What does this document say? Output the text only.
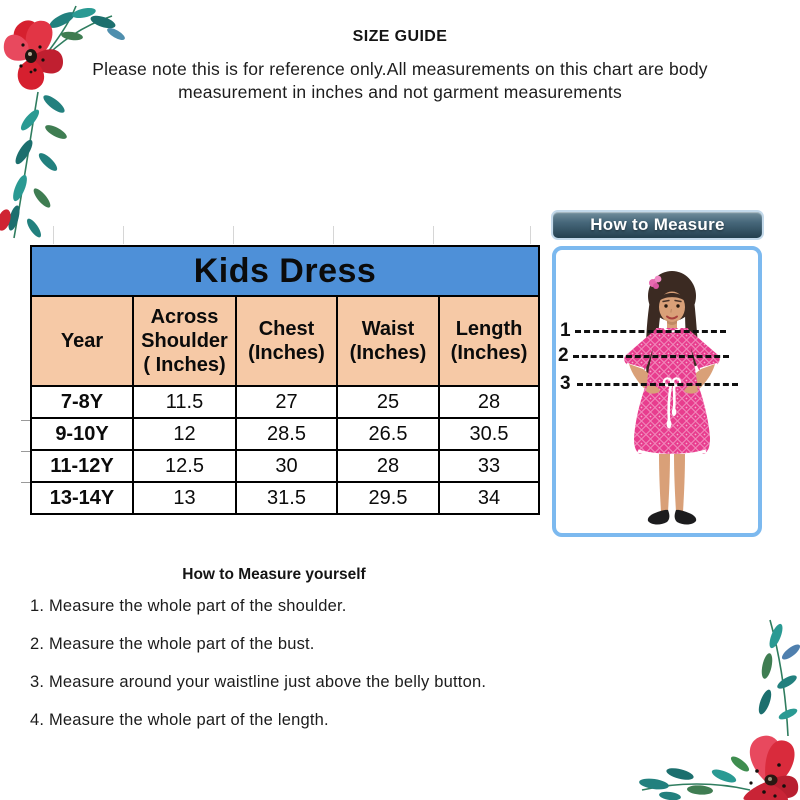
SIZE GUIDE
Please note this is for reference only.All measurements on this chart are body
measurement in inches and not garment measurements
Kids Dress				

Year

Across Shoulder
( Inches)

Chest
(Inches)

Waist
(Inches)

Length
(Inches)

7-8Y	11.5	27	25	28
9-10Y	12	28.5	26.5	30.5
11-12Y	12.5	30	28	33
13-14Y	13	31.5	29.5	34
How to Measure
1
2
3
How to Measure yourself
1. Measure the whole part of the shoulder.
2. Measure the whole part of the bust.
3. Measure around your waistline just above the belly button.
4. Measure the whole part of the length.
